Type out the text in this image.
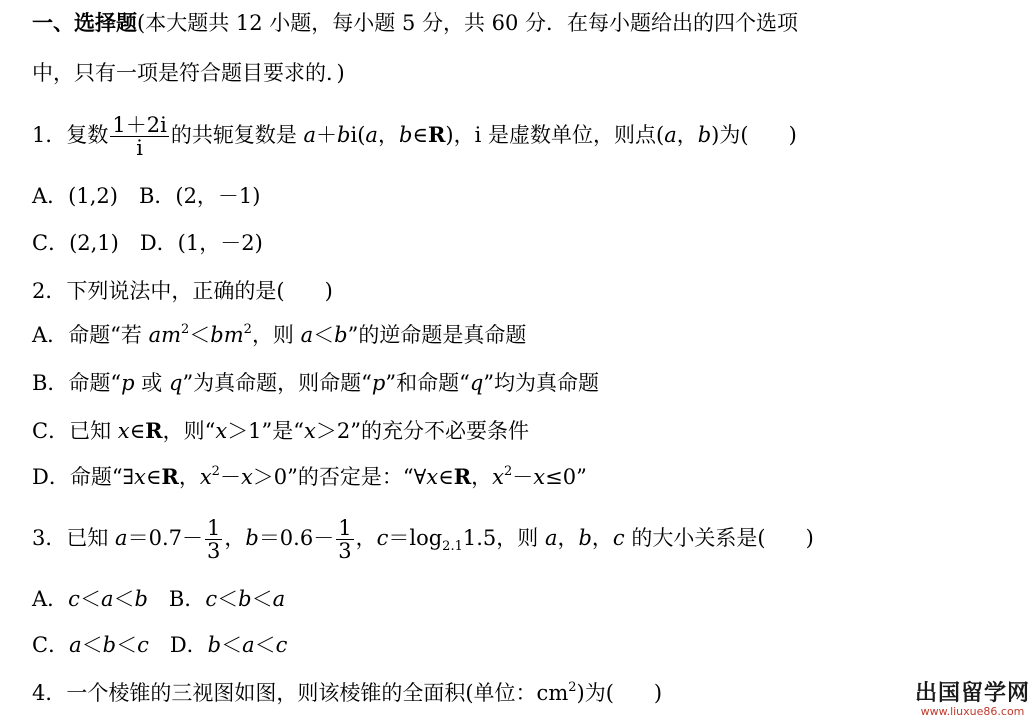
一、选择题(本大题共 12 小题，每小题 5 分，共 60 分．在每小题给出的四个选项
中，只有一项是符合题目要求的．)
1．复数 $\frac{1+2i}{i}$ 的共轭复数是 a＋bi(a，b∈R)，i 是虚数单位，则点(a，b)为( )
A．(1,2)　B．(2，－1)
C．(2,1)　D．(1，－2)
2．下列说法中，正确的是( )
A．命题“若 $am^2<bm^2$，则 a＜b”的逆命题是真命题
B．命题“p 或 q”为真命题，则命题“p”和命题“q”均为真命题
C．已知 x∈R，则“x＞1”是“x＞2”的充分不必要条件
D．命题“∃x∈R，$x^2-x>0$”的否定是：“∀x∈R，$x^2-x\le 0$”
3．已知 $a=0.7- \frac{1}{3}$ ，$b=0.6- \frac{1}{3}$ ，$c=\log_{2.1}1.5$，则 a，b，c 的大小关系是( )
A．c＜a＜b　B．c＜b＜a
C．a＜b＜c　D．b＜a＜c
4．一个棱锥的三视图如图，则该棱锥的全面积(单位：$cm^2$)为( )	出国留学网
www.liuxue86.com
